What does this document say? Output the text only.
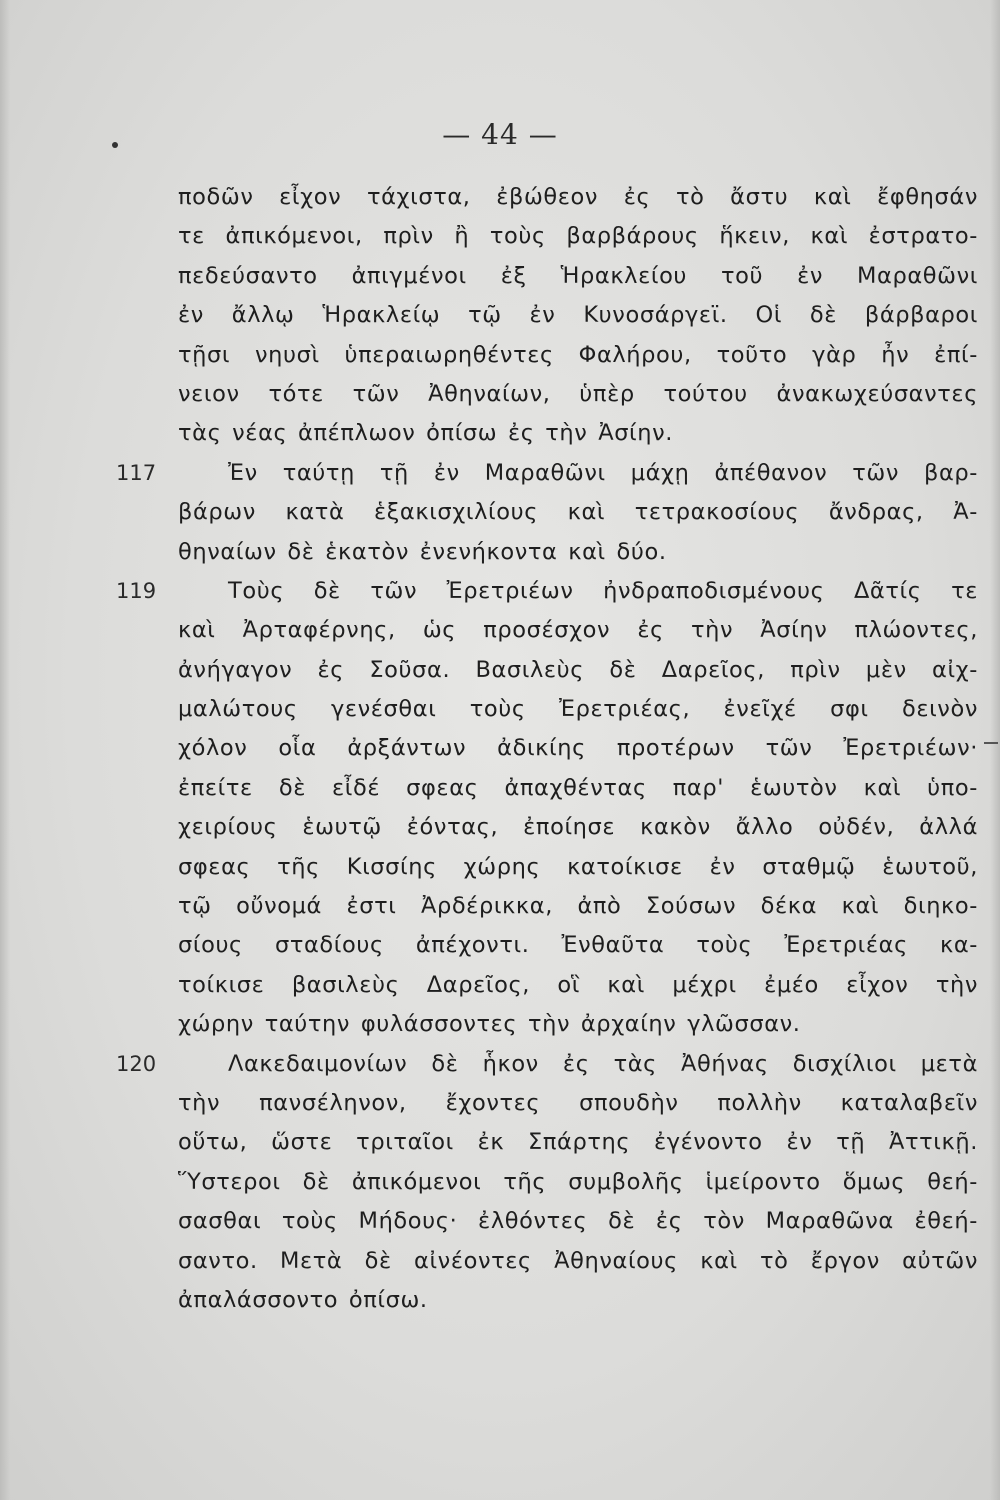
— 44 —
ποδῶν εἶχον τάχιστα, ἐβώθεον ἐς τὸ ἄστυ καὶ ἔφθησάν
τε ἀπικόμενοι, πρὶν ἢ τοὺς βαρβάρους ἥκειν, καὶ ἐστρατο-
πεδεύσαντο ἀπιγμένοι ἐξ Ἡρακλείου τοῦ ἐν Μαραθῶνι
ἐν ἄλλῳ Ἡρακλείῳ τῷ ἐν Κυνοσάργεϊ. Οἱ δὲ βάρβαροι
τῇσι νηυσὶ ὑπεραιωρηθέντες Φαλήρου, τοῦτο γὰρ ἦν ἐπί-
νειον τότε τῶν Ἀθηναίων, ὑπὲρ τούτου ἀνακωχεύσαντες
τὰς νέας ἀπέπλωον ὀπίσω ἐς τὴν Ἀσίην.
117	Ἐν ταύτῃ τῇ ἐν Μαραθῶνι μάχῃ ἀπέθανον τῶν βαρ-
βάρων κατὰ ἑξακισχιλίους καὶ τετρακοσίους ἄνδρας, Ἀ-
θηναίων δὲ ἑκατὸν ἐνενήκοντα καὶ δύο.
119	Τοὺς δὲ τῶν Ἐρετριέων ἠνδραποδισμένους Δᾶτίς τε
καὶ Ἀρταφέρνης, ὡς προσέσχον ἐς τὴν Ἀσίην πλώοντες,
ἀνήγαγον ἐς Σοῦσα. Βασιλεὺς δὲ Δαρεῖος, πρὶν μὲν αἰχ-
μαλώτους γενέσθαι τοὺς Ἐρετριέας, ἐνεῖχέ σφι δεινὸν
χόλον οἷα ἀρξάντων ἀδικίης προτέρων τῶν Ἐρετριέων·
ἐπείτε δὲ εἶδέ σφεας ἀπαχθέντας παρ' ἑωυτὸν καὶ ὑπο-
χειρίους ἑωυτῷ ἐόντας, ἐποίησε κακὸν ἄλλο οὐδέν, ἀλλά
σφεας τῆς Κισσίης χώρης κατοίκισε ἐν σταθμῷ ἑωυτοῦ,
τῷ οὔνομά ἐστι Ἀρδέρικκα, ἀπὸ Σούσων δέκα καὶ διηκο-
σίους σταδίους ἀπέχοντι. Ἐνθαῦτα τοὺς Ἐρετριέας κα-
τοίκισε βασιλεὺς Δαρεῖος, οἳ καὶ μέχρι ἐμέο εἶχον τὴν
χώρην ταύτην φυλάσσοντες τὴν ἀρχαίην γλῶσσαν.
120	Λακεδαιμονίων δὲ ἧκον ἐς τὰς Ἀθήνας δισχίλιοι μετὰ
τὴν πανσέληνον, ἔχοντες σπουδὴν πολλὴν καταλαβεῖν
οὕτω, ὥστε τριταῖοι ἐκ Σπάρτης ἐγένοντο ἐν τῇ Ἀττικῇ.
Ὕστεροι δὲ ἀπικόμενοι τῆς συμβολῆς ἱμείροντο ὅμως θεή-
σασθαι τοὺς Μήδους· ἐλθόντες δὲ ἐς τὸν Μαραθῶνα ἐθεή-
σαντο. Μετὰ δὲ αἰνέοντες Ἀθηναίους καὶ τὸ ἔργον αὐτῶν
ἀπαλάσσοντο ὀπίσω.
